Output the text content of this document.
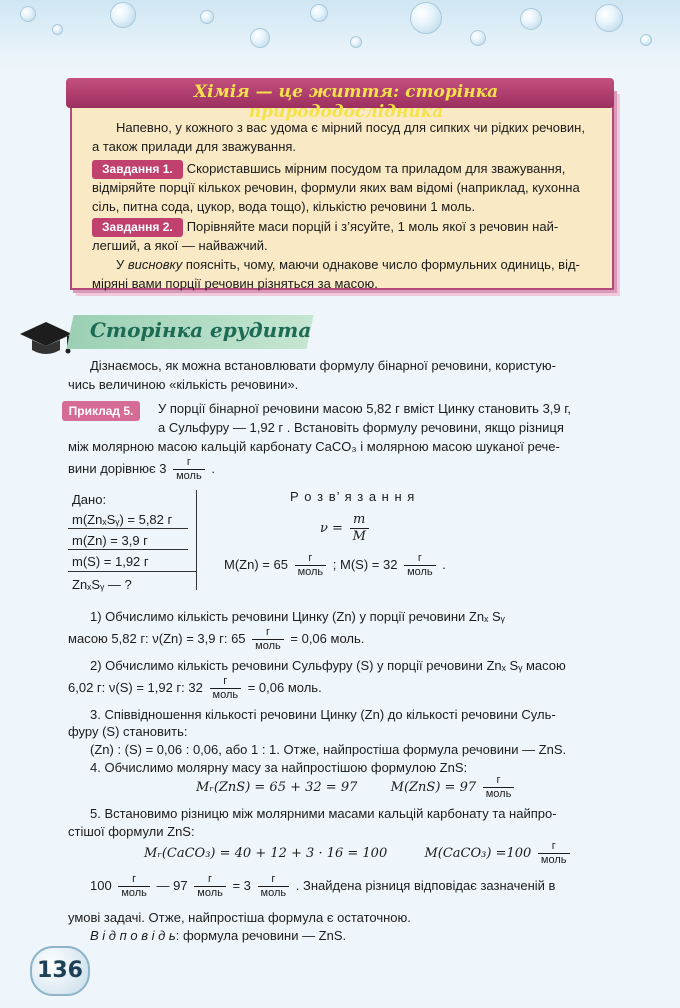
Хімія — це життя: сторінка природодослідника
Напевно, у кожного з вас удома є мірний посуд для сипких чи рідких речовин,
а також прилади для зважування.
Завдання 1. Скориставшись мірним посудом та приладом для зважування,
відміряйте порції кількох речовин, формули яких вам відомі (наприклад, кухонна
сіль, питна сода, цукор, вода тощо), кількістю речовини 1 моль.
Завдання 2. Порівняйте маси порцій і з’ясуйте, 1 моль якої з речовин най-
легший, а якої — найважчий.
У висновку поясніть, чому, маючи однакове число формульних одиниць, від-
міряні вами порції речовин різняться за масою.
Сторінка ерудита
Дізнаємось, як можна встановлювати формулу бінарної речовини, користую-
чись величиною «кількість речовини».
Приклад 5.	У порції бінарної речовини масою 5,82 г вміст Цинку становить 3,9 г,
а Сульфуру — 1,92 г . Встановіть формулу речовини, якщо різниця
між молярною масою кальцій карбонату CaCO₃ і молярною масою шуканої рече-
вини дорівнює $3 \frac{г}{\text{моль}}$ .
Дано:
m(ZnₓSᵧ) = 5,82 г
m(Zn) = 3,9 г
m(S) = 1,92 г
ZnₓSᵧ — ?
Р о з в’ я з а н н я
$\nu = \frac{m}{M}$
$M(Zn) = 65 \frac{г}{\text{моль}}$ ; $M(S) = 32 \frac{г}{\text{моль}}$ .
1) Обчислимо кількість речовини Цинку (Zn) у порції речовини Znₓ Sᵧ
масою 5,82 г: ν(Zn) = 3,9 г: $65 \frac{г}{\text{моль}} = 0,06$ моль.
2) Обчислимо кількість речовини Сульфуру (S) у порції речовини Znₓ Sᵧ масою
6,02 г: ν(S) = 1,92 г: $32 \frac{г}{\text{моль}} = 0,06$ моль.
3. Співвідношення кількості речовини Цинку (Zn) до кількості речовини Суль-
фуру (S) становить:
(Zn) : (S) = 0,06 : 0,06, або 1 : 1. Отже, найпростіша формула речовини — ZnS.
4. Обчислимо молярну масу за найпростішою формулою ZnS:
Mᵣ(ZnS) = 65 + 32 = 97	$M(ZnS) = 97 \frac{г}{\text{моль}}$
5. Встановимо різницю між молярними масами кальцій карбонату та найпро-
стішої формули ZnS:
Mᵣ(CaCO₃) = 40 + 12 + 3 · 16 = 100	M(CaCO₃) $=100 \frac{г}{\text{моль}}$
$100 \frac{г}{\text{моль}}$ — $97 \frac{г}{\text{моль}} = 3 \frac{г}{\text{моль}}$ . Знайдена різниця відповідає зазначеній в
умові задачі. Отже, найпростіша формула є остаточною.
В і д п о в і д ь: формула речовини — ZnS.
136
